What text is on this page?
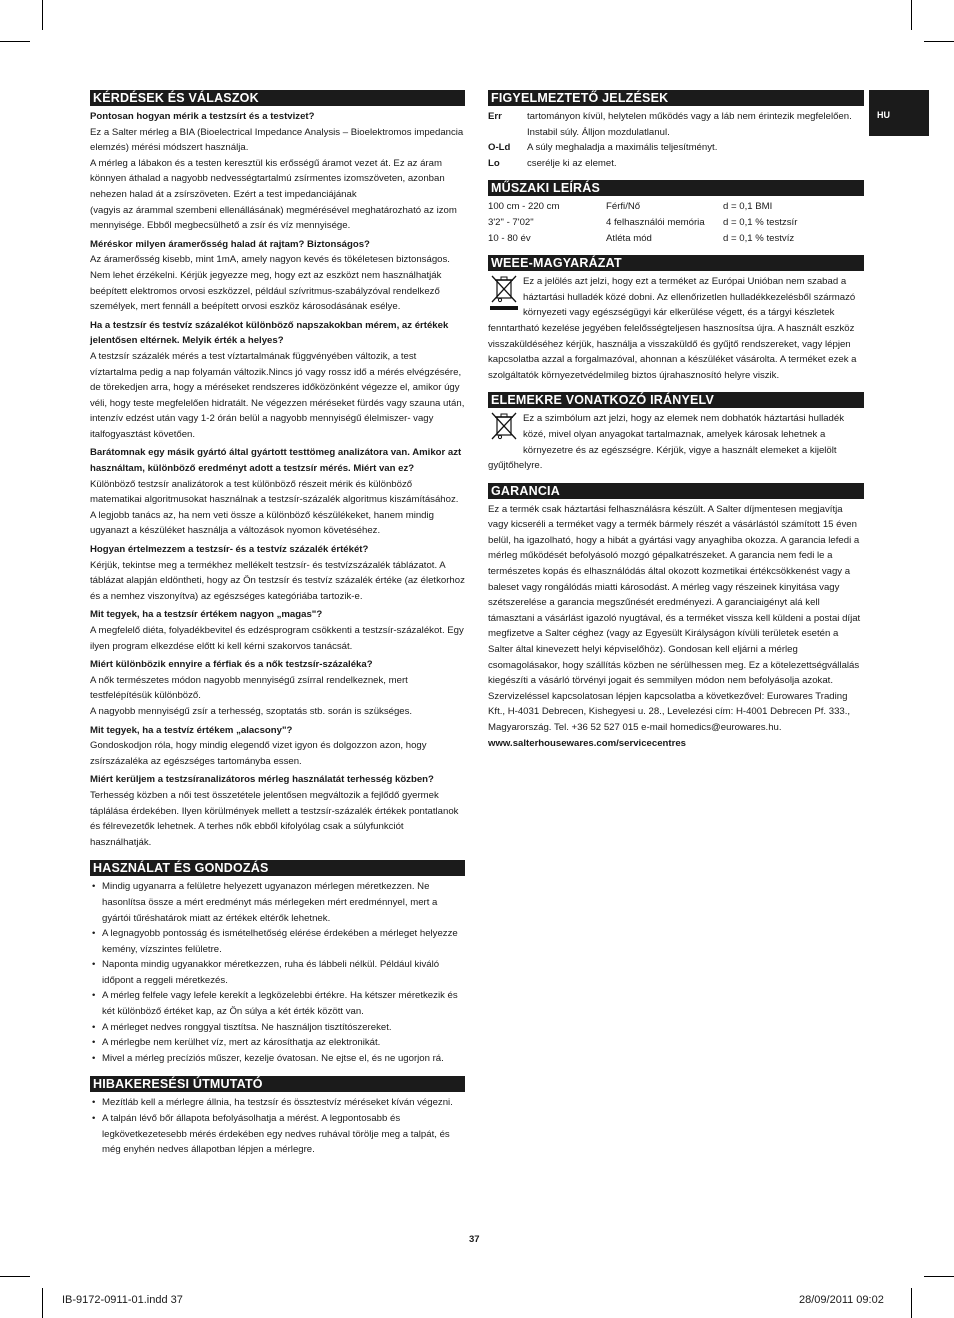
HU
KÉRDÉSEK ÉS VÁLASZOK

Pontosan hogyan mérik a testzsírt és a testvizet?

Ez a Salter mérleg a BIA (Bioelectrical Impedance Analysis – Bioelektromos impedancia elemzés) mérési módszert használja.

A mérleg a lábakon és a testen keresztül kis erősségű áramot vezet át. Ez az áram könnyen áthalad a nagyobb nedvességtartalmú zsírmentes izomszöveten, azonban nehezen halad át a zsírszöveten. Ezért a test impedanciájának

(vagyis az árammal szembeni ellenállásának) megmérésével meghatározható az izom mennyisége. Ebből megbecsülhető a zsír és víz mennyisége.

Méréskor milyen áramerősség halad át rajtam? Biztonságos?

Az áramerősség kisebb, mint 1mA, amely nagyon kevés és tökéletesen biztonságos. Nem lehet érzékelni. Kérjük jegyezze meg, hogy ezt az eszközt nem használhatják beépített elektromos orvosi eszközzel, például szívritmus-szabályzóval rendelkező személyek, mert fennáll a beépített orvosi eszköz károsodásának esélye.

Ha a testzsír és testvíz százalékot különböző napszakokban mérem, az értékek jelentősen eltérnek. Melyik érték a helyes?

A testzsír százalék mérés a test víztartalmának függvényében változik, a test víztartalma pedig a nap folyamán változik.Nincs jó vagy rossz idő a mérés elvégzésére, de törekedjen arra, hogy a méréseket rendszeres időközönként végezze el, amikor úgy véli, hogy teste megfelelően hidratált. Ne végezzen méréseket fürdés vagy szauna után, intenzív edzést után vagy 1-2 órán belül a nagyobb mennyiségű élelmiszer- vagy italfogyasztást követően.

Barátomnak egy másik gyártó által gyártott testtömeg analizátora van. Amikor azt használtam, különböző eredményt adott a testzsír mérés. Miért van ez?

Különböző testzsír analizátorok a test különböző részeit mérik és különböző matematikai algoritmusokat használnak a testzsír-százalék algoritmus kiszámításához. A legjobb tanács az, ha nem veti össze a különböző készülékeket, hanem mindig ugyanazt a készüléket használja a változások nyomon követéséhez.

Hogyan értelmezzem a testzsír- és a testvíz százalék értékét?

Kérjük, tekintse meg a termékhez mellékelt testzsír- és testvízszázalék táblázatot. A táblázat alapján eldöntheti, hogy az Ön testzsír és testvíz százalék értéke (az életkorhoz és a nemhez viszonyítva) az egészséges kategóriába tartozik-e.

Mit tegyek, ha a testzsír értékem nagyon „magas"?

A megfelelő diéta, folyadékbevitel és edzésprogram csökkenti a testzsír-százalékot. Egy ilyen program elkezdése előtt ki kell kérni szakorvos tanácsát.

Miért különbözik ennyire a férfiak és a nők testzsír-százaléka?

A nők természetes módon nagyobb mennyiségű zsírral rendelkeznek, mert testfelépítésük különböző.

A nagyobb mennyiségű zsír a terhesség, szoptatás stb. során is szükséges.

Mit tegyek, ha a testvíz értékem „alacsony"?

Gondoskodjon róla, hogy mindig elegendő vizet igyon és dolgozzon azon, hogy zsírszázaléka az egészséges tartományba essen.

Miért kerüljem a testzsíranalizátoros mérleg használatát terhesség közben?

Terhesség közben a női test összetétele jelentősen megváltozik a fejlődő gyermek táplálása érdekében. Ilyen körülmények mellett a testzsír-százalék értékek pontatlanok és félrevezetők lehetnek. A terhes nők ebből kifolyólag csak a súlyfunkciót használhatják.

HASZNÁLAT ÉS GONDOZÁS
• Mindig ugyanarra a felületre helyezett ugyanazon mérlegen méretkezzen. Ne hasonlítsa össze a mért eredményt más mérlegeken mért eredménnyel, mert a gyártói tűréshatárok miatt az értékek eltérők lehetnek.
• A legnagyobb pontosság és ismételhetőség elérése érdekében a mérleget helyezze kemény, vízszintes felületre.
• Naponta mindig ugyanakkor méretkezzen, ruha és lábbeli nélkül. Például kiváló időpont a reggeli méretkezés.
• A mérleg felfele vagy lefele kerekít a legközelebbi értékre. Ha kétszer méretkezik és két különböző értéket kap, az Ön súlya a két érték között van.
• A mérleget nedves ronggyal tisztítsa. Ne használjon tisztítószereket.
• A mérlegbe nem kerülhet víz, mert az károsíthatja az elektronikát.
• Mivel a mérleg precíziós műszer, kezelje óvatosan. Ne ejtse el, és ne ugorjon rá.
HIBAKERESÉSI ÚTMUTATÓ
• Mezítláb kell a mérlegre állnia, ha testzsír és össztestvíz méréseket kíván végezni.
• A talpán lévő bőr állapota befolyásolhatja a mérést. A legpontosabb és legkövetkezetesebb mérés érdekében egy nedves ruhával törölje meg a talpát, és még enyhén nedves állapotban lépjen a mérlegre.
FIGYELMEZTETŐ JELZÉSEK
Err	tartományon kívül, helytelen működés vagy a láb nem érintezik megfelelően. Instabil súly. Álljon mozdulatlanul.
O-Ld	A súly meghaladja a maximális teljesítményt.
Lo	cserélje ki az elemet.
MŰSZAKI LEÍRÁS
100 cm - 220 cm	Férfi/Nő	d = 0,1 BMI
3'2" - 7'02"	4 felhasználói memória	d = 0,1 % testzsír
10 - 80 év	Atléta mód	d = 0,1 % testvíz
WEEE-MAGYARÁZAT

Ez a jelölés azt jelzi, hogy ezt a terméket az Európai Unióban nem szabad a háztartási hulladék közé dobni. Az ellenőrizetlen hulladékkezelésből származó környezeti vagy egészségügyi kár elkerülése végett, és a tárgyi készletek fenntartható kezelése jegyében felelősségteljesen hasznosítsa újra. A használt eszköz visszaküldéséhez kérjük, használja a visszaküldő és gyűjtő rendszereket, vagy lépjen kapcsolatba azzal a forgalmazóval, ahonnan a készüléket vásárolta. A terméket ezek a szolgáltatók környezetvédelmileg biztos újrahasznosító helyre viszik.

ELEMEKRE VONATKOZÓ IRÁNYELV

Ez a szimbólum azt jelzi, hogy az elemek nem dobhatók háztartási hulladék közé, mivel olyan anyagokat tartalmaznak, amelyek károsak lehetnek a környezetre és az egészségre. Kérjük, vigye a használt elemeket a kijelölt gyűjtőhelyre.

GARANCIA

Ez a termék csak háztartási felhasználásra készült. A Salter díjmentesen megjavítja vagy kicseréli a terméket vagy a termék bármely részét a vásárlástól számított 15 éven belül, ha igazolható, hogy a hibát a gyártási vagy anyaghiba okozza. A garancia lefedi a mérleg működését befolyásoló mozgó gépalkatrészeket. A garancia nem fedi le a természetes kopás és elhasználódás által okozott kozmetikai értékcsökkenést vagy a baleset vagy rongálódás miatti károsodást. A mérleg vagy részeinek kinyitása vagy szétszerelése a garancia megszűnését eredményezi. A garanciaigényt alá kell támasztani a vásárlást igazoló nyugtával, és a terméket vissza kell küldeni a postai díjat megfizetve a Salter céghez (vagy az Egyesült Királyságon kívüli területek esetén a Salter által kinevezett helyi képviselőhöz). Gondosan kell eljárni a mérleg csomagolásakor, hogy szállítás közben ne sérülhessen meg. Ez a kötelezettségvállalás kiegészíti a vásárló törvényi jogait és semmilyen módon nem befolyásolja azokat. Szervizeléssel kapcsolatosan lépjen kapcsolatba a következővel: Eurowares Trading Kft., H-4031 Debrecen, Kishegyesi u. 28., Levelezési cím: H-4001 Debrecen Pf. 333., Magyarország. Tel. +36 52 527 015 e-mail homedics@eurowares.hu.

www.salterhousewares.com/servicecentres

37
IB-9172-0911-01.indd 37	28/09/2011 09:02
